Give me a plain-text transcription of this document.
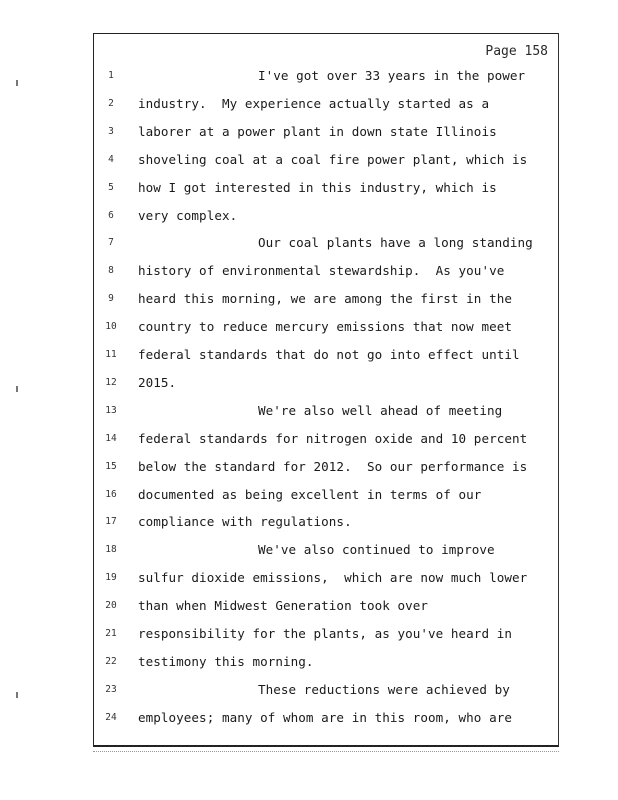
Page 158
1	I've got over 33 years in the power
2	industry.  My experience actually started as a
3	laborer at a power plant in down state Illinois
4	shoveling coal at a coal fire power plant, which is
5	how I got interested in this industry, which is
6	very complex.
7	Our coal plants have a long standing
8	history of environmental stewardship.  As you've
9	heard this morning, we are among the first in the
10	country to reduce mercury emissions that now meet
11	federal standards that do not go into effect until
12	2015.
13	We're also well ahead of meeting
14	federal standards for nitrogen oxide and 10 percent
15	below the standard for 2012.  So our performance is
16	documented as being excellent in terms of our
17	compliance with regulations.
18	We've also continued to improve
19	sulfur dioxide emissions,  which are now much lower
20	than when Midwest Generation took over
21	responsibility for the plants, as you've heard in
22	testimony this morning.
23	These reductions were achieved by
24	employees; many of whom are in this room, who are
